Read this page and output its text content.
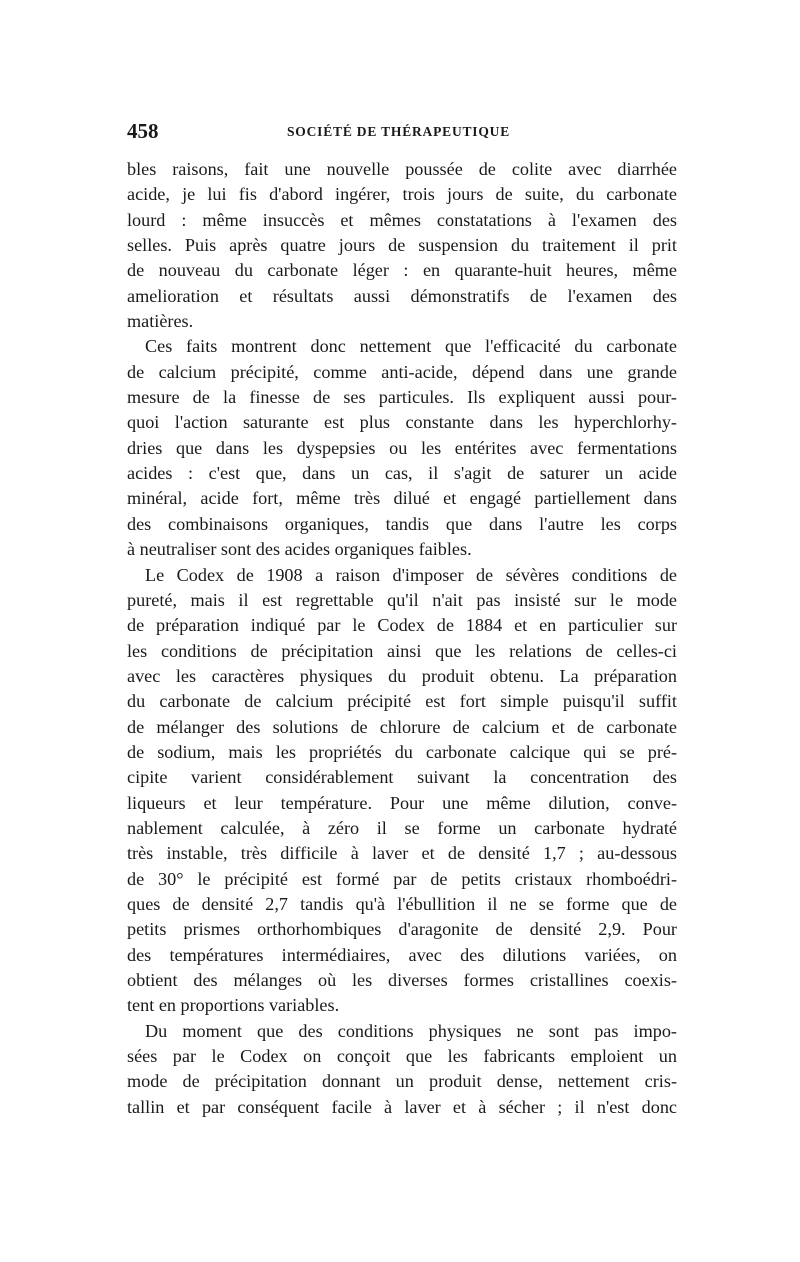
458	SOCIÉTÉ DE THÉRAPEUTIQUE
bles raisons, fait une nouvelle poussée de colite avec diarrhée
acide, je lui fis d'abord ingérer, trois jours de suite, du carbonate
lourd : même insuccès et mêmes constatations à l'examen des
selles. Puis après quatre jours de suspension du traitement il prit
de nouveau du carbonate léger : en quarante-huit heures, même
amelioration et résultats aussi démonstratifs de l'examen des
matières.
Ces faits montrent donc nettement que l'efficacité du carbonate
de calcium précipité, comme anti-acide, dépend dans une grande
mesure de la finesse de ses particules. Ils expliquent aussi pour-
quoi l'action saturante est plus constante dans les hyperchlorhy-
dries que dans les dyspepsies ou les entérites avec fermentations
acides : c'est que, dans un cas, il s'agit de saturer un acide
minéral, acide fort, même très dilué et engagé partiellement dans
des combinaisons organiques, tandis que dans l'autre les corps
à neutraliser sont des acides organiques faibles.
Le Codex de 1908 a raison d'imposer de sévères conditions de
pureté, mais il est regrettable qu'il n'ait pas insisté sur le mode
de préparation indiqué par le Codex de 1884 et en particulier sur
les conditions de précipitation ainsi que les relations de celles-ci
avec les caractères physiques du produit obtenu. La préparation
du carbonate de calcium précipité est fort simple puisqu'il suffit
de mélanger des solutions de chlorure de calcium et de carbonate
de sodium, mais les propriétés du carbonate calcique qui se pré-
cipite varient considérablement suivant la concentration des
liqueurs et leur température. Pour une même dilution, conve-
nablement calculée, à zéro il se forme un carbonate hydraté
très instable, très difficile à laver et de densité 1,7 ; au-dessous
de 30° le précipité est formé par de petits cristaux rhomboédri-
ques de densité 2,7 tandis qu'à l'ébullition il ne se forme que de
petits prismes orthorhombiques d'aragonite de densité 2,9. Pour
des températures intermédiaires, avec des dilutions variées, on
obtient des mélanges où les diverses formes cristallines coexis-
tent en proportions variables.
Du moment que des conditions physiques ne sont pas impo-
sées par le Codex on conçoit que les fabricants emploient un
mode de précipitation donnant un produit dense, nettement cris-
tallin et par conséquent facile à laver et à sécher ; il n'est donc
